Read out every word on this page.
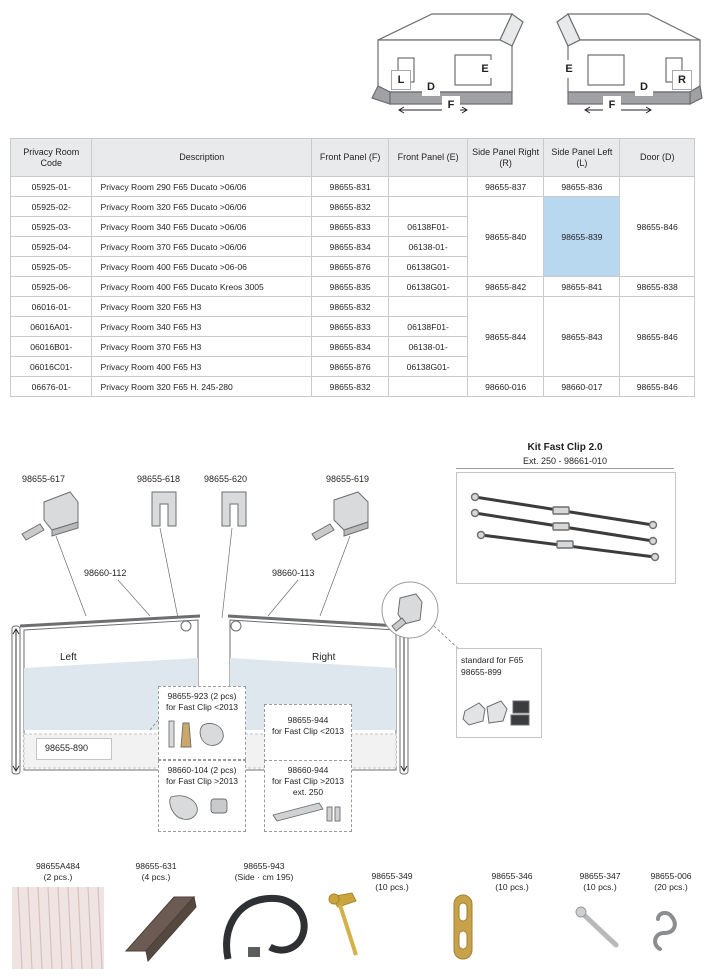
L
D
E
F
E
D
R
F
Privacy Room Code	Description	Front Panel (F)	Front Panel (E)	Side Panel Right (R)	Side Panel Left (L)	Door (D)
05925-01-	Privacy Room 290 F65 Ducato >06/06	98655-831		98655-837	98655-836	98655-846
05925-02-	Privacy Room 320 F65 Ducato >06/06	98655-832		98655-840	98655-839	
05925-03-	Privacy Room 340 F65 Ducato >06/06	98655-833	06138F01-			
05925-04-	Privacy Room 370 F65 Ducato >06/06	98655-834	06138-01-			
05925-05-	Privacy Room 400 F65 Ducato >06-06	98655-876	06138G01-			
05925-06-	Privacy Room 400 F65 Ducato Kreos 3005	98655-835	06138G01-	98655-842	98655-841	98655-838
06016-01-	Privacy Room 320 F65 H3	98655-832		98655-844	98655-843	98655-846
06016A01-	Privacy Room 340 F65 H3	98655-833	06138F01-			
06016B01-	Privacy Room 370 F65 H3	98655-834	06138-01-			
06016C01-	Privacy Room 400 F65 H3	98655-876	06138G01-			
06676-01-	Privacy Room 320 F65 H. 245-280	98655-832		98660-016	98660-017	98655-846
Kit Fast Clip 2.0
Ext. 250 - 98661-010
98655-617	98655-618	98655-620	98655-619
98660-112	98660-113
Left	Right
98655-890
standard for F65
98655-899
98655-923 (2 pcs)
for Fast Clip <2013
98660-104 (2 pcs)
for Fast Clip >2013
98655-944
for Fast Clip <2013
98660-944
for Fast Clip >2013
ext. 250
98655A484
(2 pcs.)
98655-631
(4 pcs.)
98655-943
(Side · cm 195)	98655-349
(10 pcs.)
98655-346
(10 pcs.)
98655-347
(10 pcs.)
98655-006
(20 pcs.)
